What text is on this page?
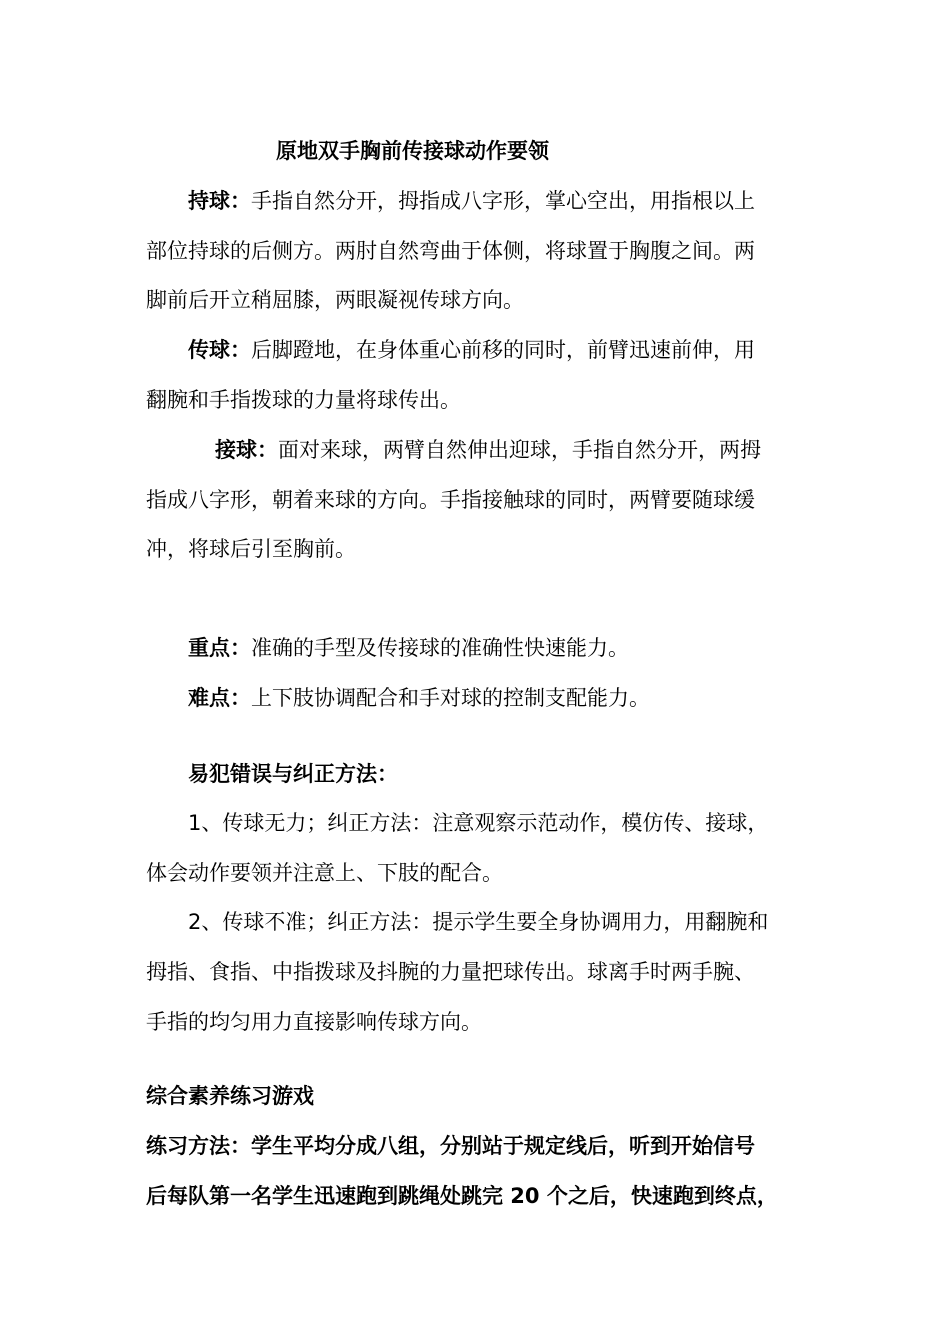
原地双手胸前传接球动作要领
持球：手指自然分开，拇指成八字形，掌心空出，用指根以上
部位持球的后侧方。两肘自然弯曲于体侧，将球置于胸腹之间。两
脚前后开立稍屈膝，两眼凝视传球方向。
传球：后脚蹬地，在身体重心前移的同时，前臂迅速前伸，用
翻腕和手指拨球的力量将球传出。
接球：面对来球，两臂自然伸出迎球，手指自然分开，两拇
指成八字形，朝着来球的方向。手指接触球的同时，两臂要随球缓
冲，将球后引至胸前。
重点：准确的手型及传接球的准确性快速能力。
难点：上下肢协调配合和手对球的控制支配能力。
易犯错误与纠正方法：
1、传球无力；纠正方法：注意观察示范动作，模仿传、接球，
体会动作要领并注意上、下肢的配合。
2、传球不准；纠正方法：提示学生要全身协调用力，用翻腕和
拇指、食指、中指拨球及抖腕的力量把球传出。球离手时两手腕、
手指的均匀用力直接影响传球方向。
综合素养练习游戏
练习方法：学生平均分成八组，分别站于规定线后，听到开始信号
后每队第一名学生迅速跑到跳绳处跳完 20 个之后，快速跑到终点，
